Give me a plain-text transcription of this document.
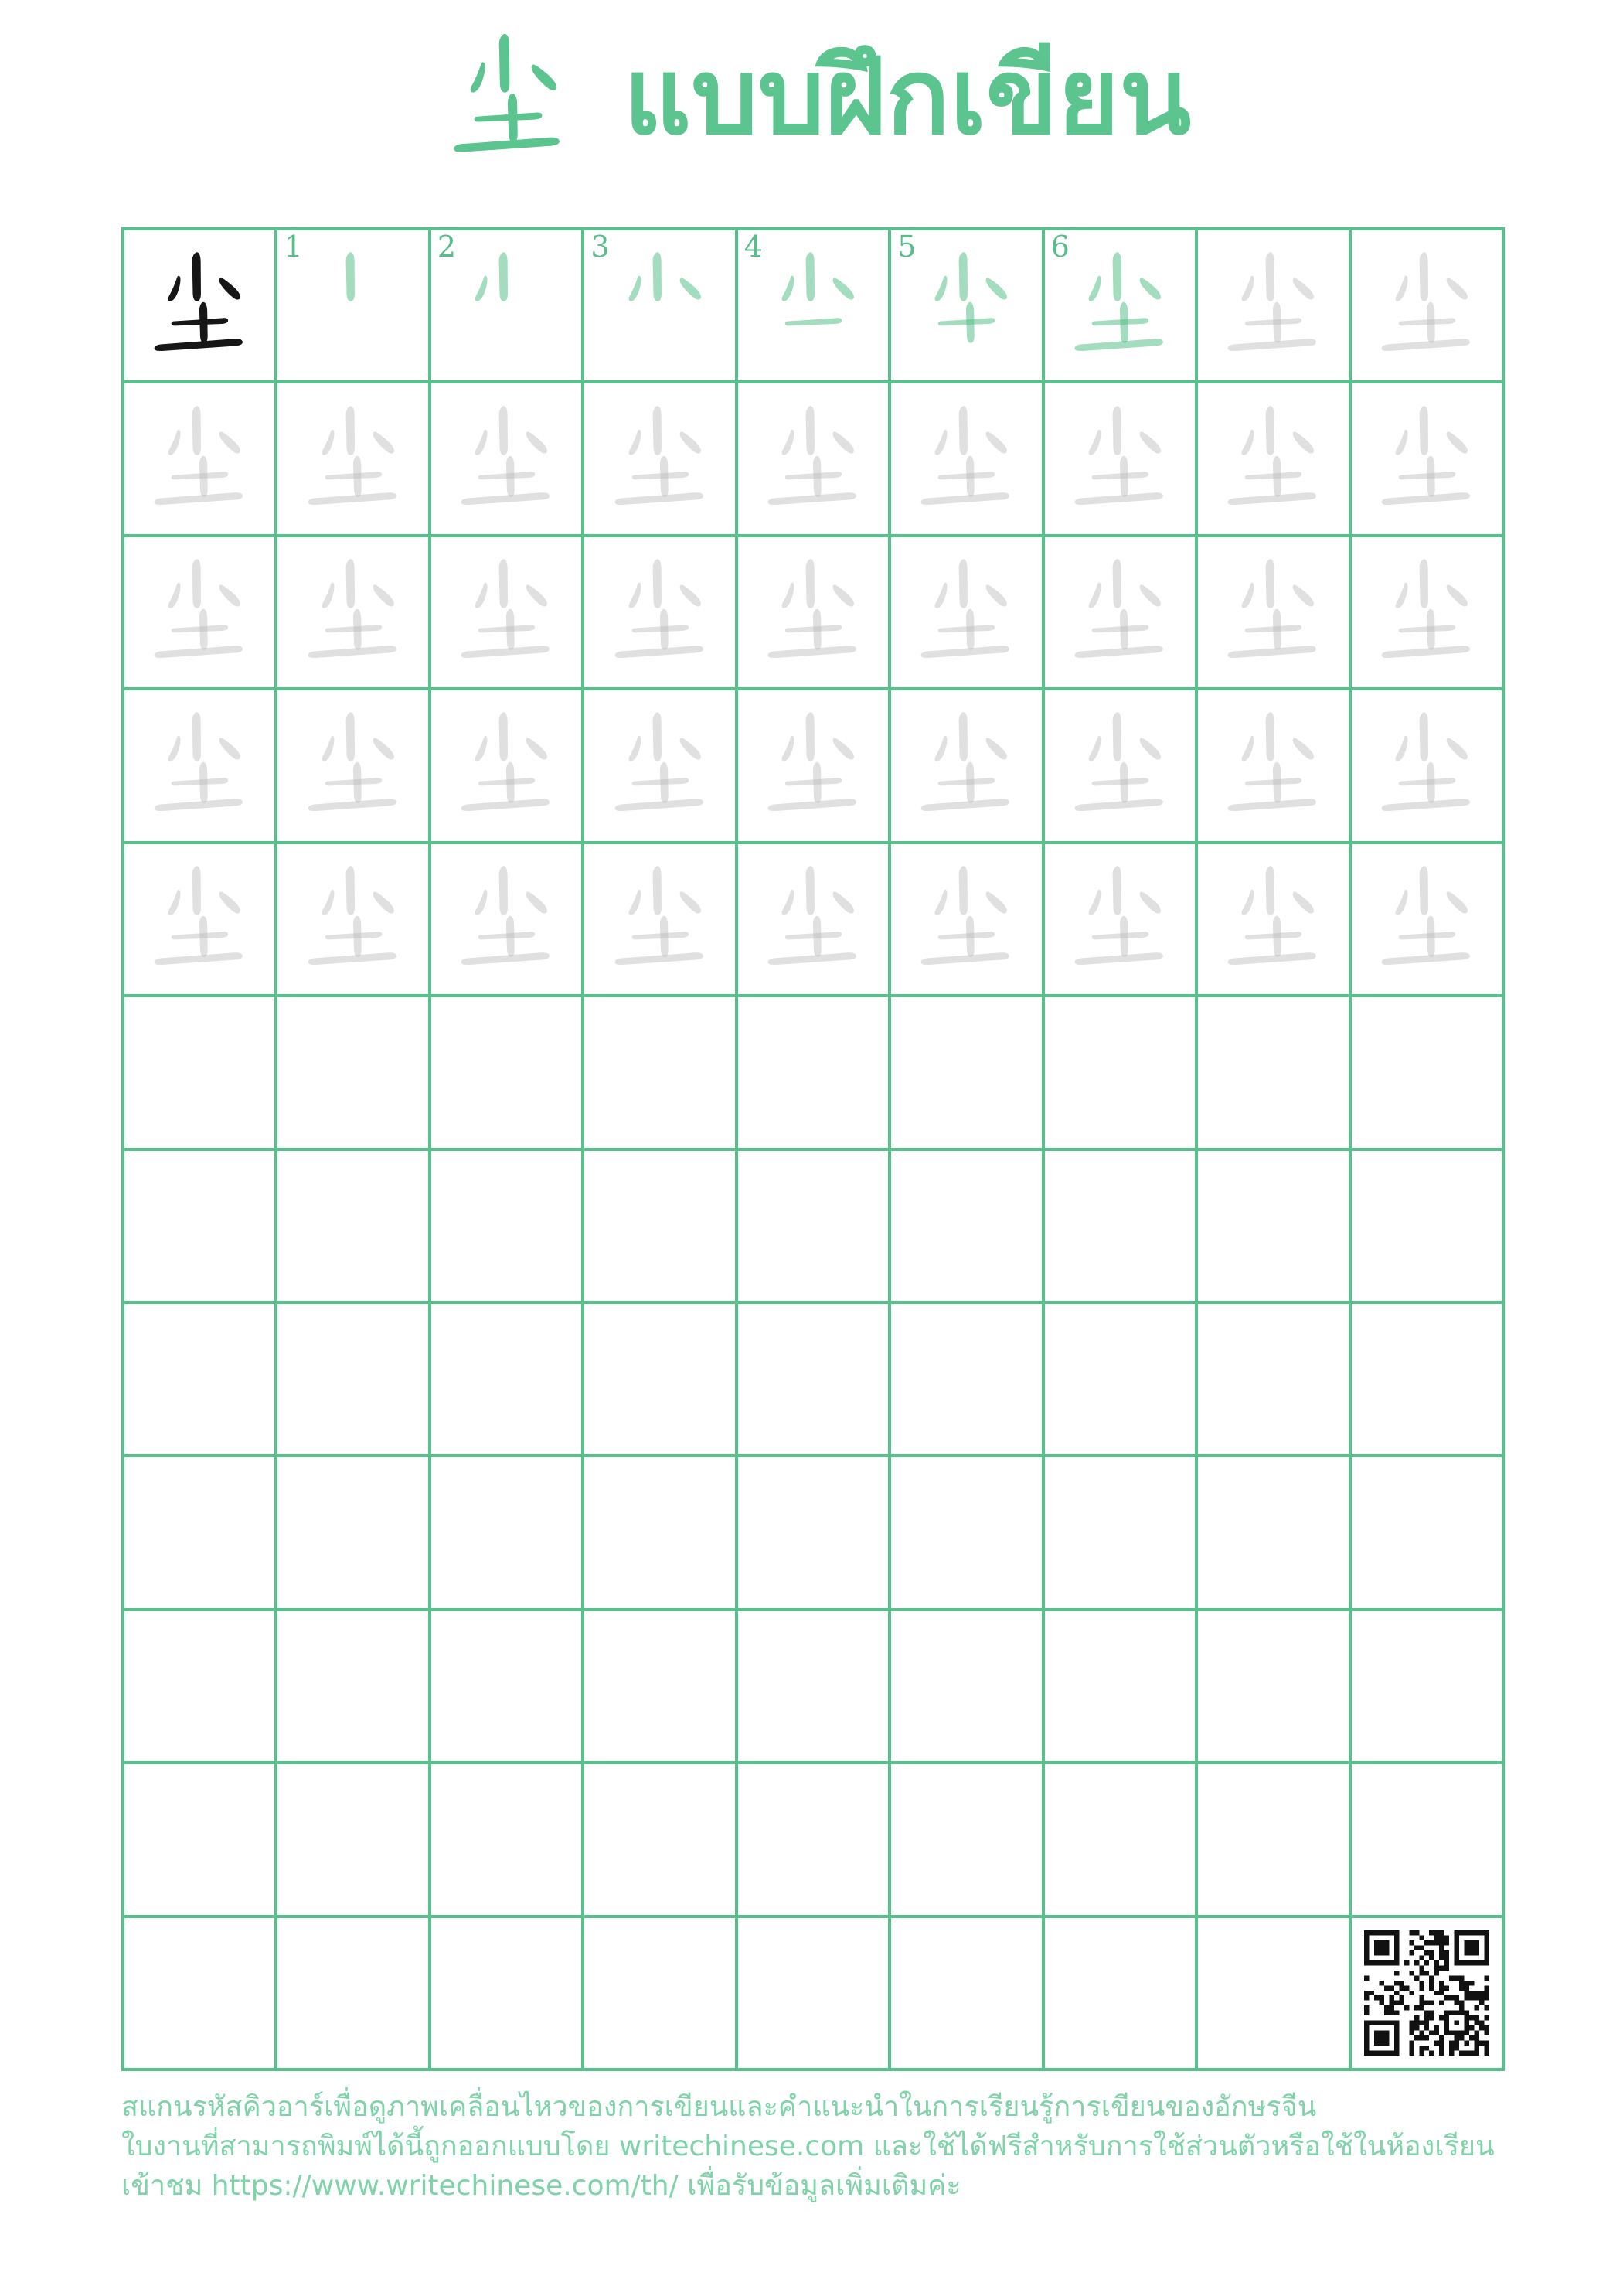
แบบฝึกเขียน
1	2	3	4	5	6
สแกนรหัสคิวอาร์เพื่อดูภาพเคลื่อนไหวของการเขียนและคำแนะนำในการเรียนรู้การเขียนของอักษรจีน
ใบงานที่สามารถพิมพ์ได้นี้ถูกออกแบบโดย writechinese.com และใช้ได้ฟรีสำหรับการใช้ส่วนตัวหรือใช้ในห้องเรียน
เข้าชม https://www.writechinese.com/th/ เพื่อรับข้อมูลเพิ่มเติมค่ะ
